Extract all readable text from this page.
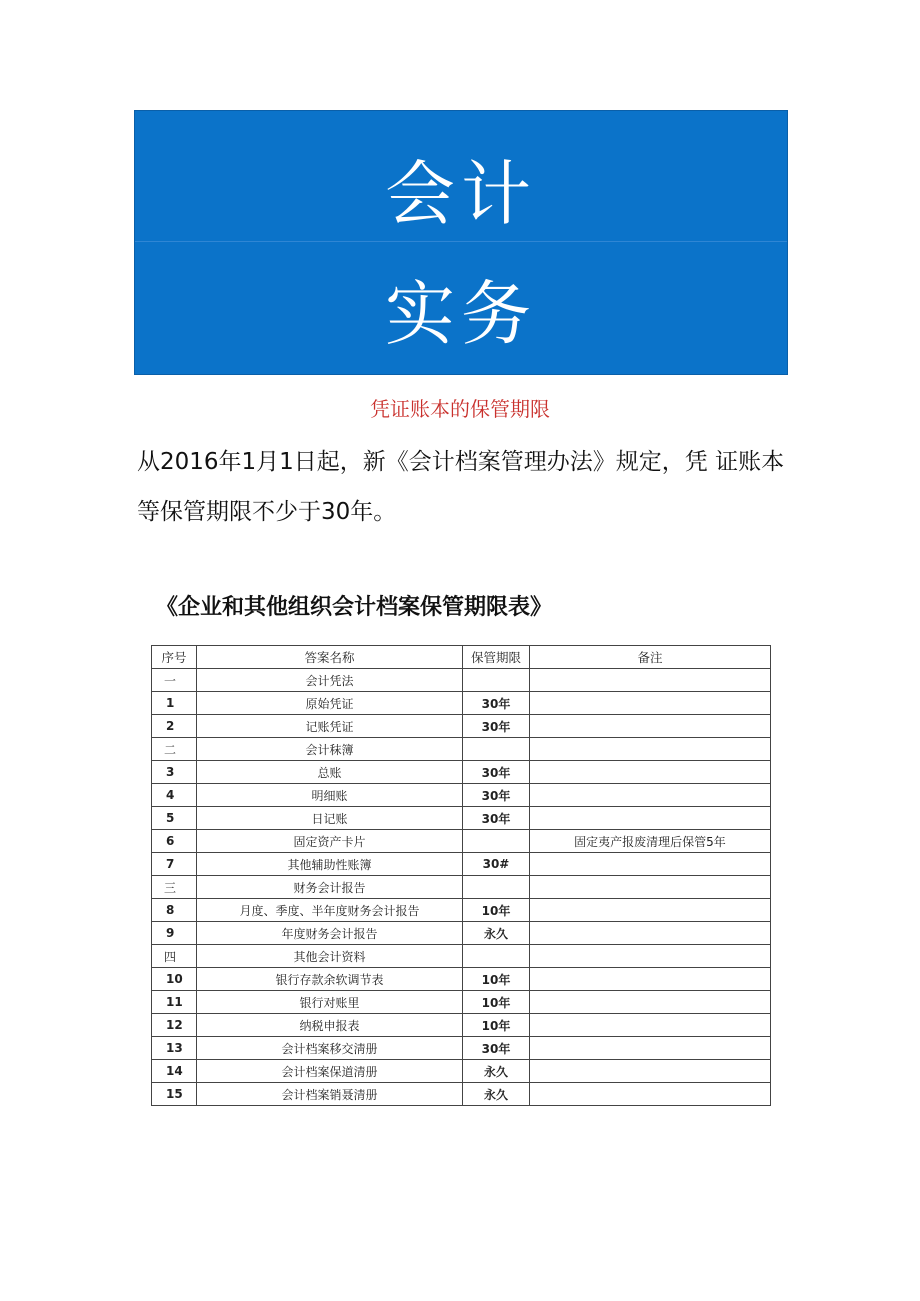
会计
实务
凭证账本的保管期限
从2016年1月1日起，新《会计档案管理办法》规定，凭 证账本等保管期限不少于30年。
《企业和其他组织会计档案保管期限表》
序号	答案名称	保管期限	备注
一	会计凭法		
1	原始凭证	30年	
2	记账凭证	30年	
二	会计秣簿		
3	总账	30年	
4	明细账	30年	
5	日记账	30年	
6	固定资产卡片		固定夷产报废清理后保管5年
7	其他辅助性账簿	30#	
三	财务会计报告		
8	月度、季度、半年度财务会计报告	10年	
9	年度财务会计报告	永久	
四	其他会计资料		
10	银行存款余软调节表	10年	
11	银行对账里	10年	
12	纳税申报表	10年	
13	会计档案移交淸册	30年	
14	会计档案保道清册	永久	
15	会计档案销聂清册	永久	
